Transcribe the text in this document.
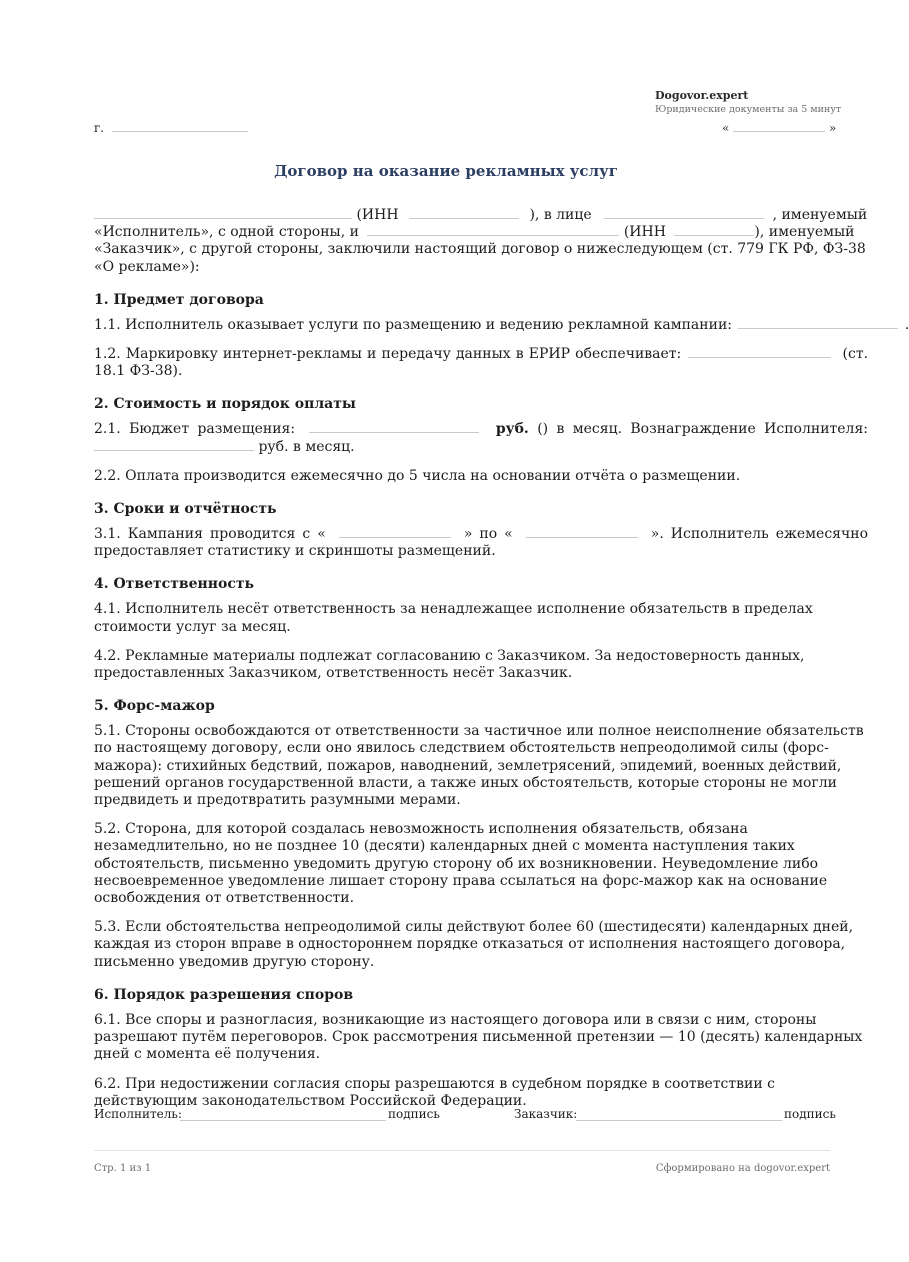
Dogovor.expert
Юридические документы за 5 минут
г.	«	»
Договор на оказание рекламных услуг

(ИНН	), в лице	, именуемый

«Исполнитель», с одной стороны, и	(ИНН	), именуемый

«Заказчик», с другой стороны, заключили настоящий договор о нижеследующем (ст. 779 ГК РФ, ФЗ-38 «О рекламе»):

1. Предмет договора

1.1. Исполнитель оказывает услуги по размещению и ведению рекламной кампании:	.

1.2. Маркировку интернет-рекламы и передачу данных в ЕРИР обеспечивает:	(ст. 18.1 ФЗ-38).

2. Стоимость и порядок оплаты

2.1. Бюджет размещения:	руб. () в месяц. Вознаграждение Исполнителя:  руб. в месяц.

2.2. Оплата производится ежемесячно до 5 числа на основании отчёта о размещении.

3. Сроки и отчётность

3.1. Кампания проводится с «	» по «	». Исполнитель ежемесячно предоставляет статистику и скриншоты размещений.

4. Ответственность

4.1. Исполнитель несёт ответственность за ненадлежащее исполнение обязательств в пределах стоимости услуг за месяц.

4.2. Рекламные материалы подлежат согласованию с Заказчиком. За недостоверность данных, предоставленных Заказчиком, ответственность несёт Заказчик.

5. Форс-мажор

5.1. Стороны освобождаются от ответственности за частичное или полное неисполнение обязательств по настоящему договору, если оно явилось следствием обстоятельств непреодолимой силы (форс-мажора): стихийных бедствий, пожаров, наводнений, землетрясений, эпидемий, военных действий, решений органов государственной власти, а также иных обстоятельств, которые стороны не могли предвидеть и предотвратить разумными мерами.

5.2. Сторона, для которой создалась невозможность исполнения обязательств, обязана незамедлительно, но не позднее 10 (десяти) календарных дней с момента наступления таких обстоятельств, письменно уведомить другую сторону об их возникновении. Неуведомление либо несвоевременное уведомление лишает сторону права ссылаться на форс-мажор как на основание освобождения от ответственности.

5.3. Если обстоятельства непреодолимой силы действуют более 60 (шестидесяти) календарных дней, каждая из сторон вправе в одностороннем порядке отказаться от исполнения настоящего договора, письменно уведомив другую сторону.

6. Порядок разрешения споров

6.1. Все споры и разногласия, возникающие из настоящего договора или в связи с ним, стороны разрешают путём переговоров. Срок рассмотрения письменной претензии — 10 (десять) календарных дней с момента её получения.

6.2. При недостижении согласия споры разрешаются в судебном порядке в соответствии с действующим законодательством Российской Федерации.

Исполнитель:	подпись	Заказчик:	подпись
Стр. 1 из 1	Сформировано на dogovor.expert
